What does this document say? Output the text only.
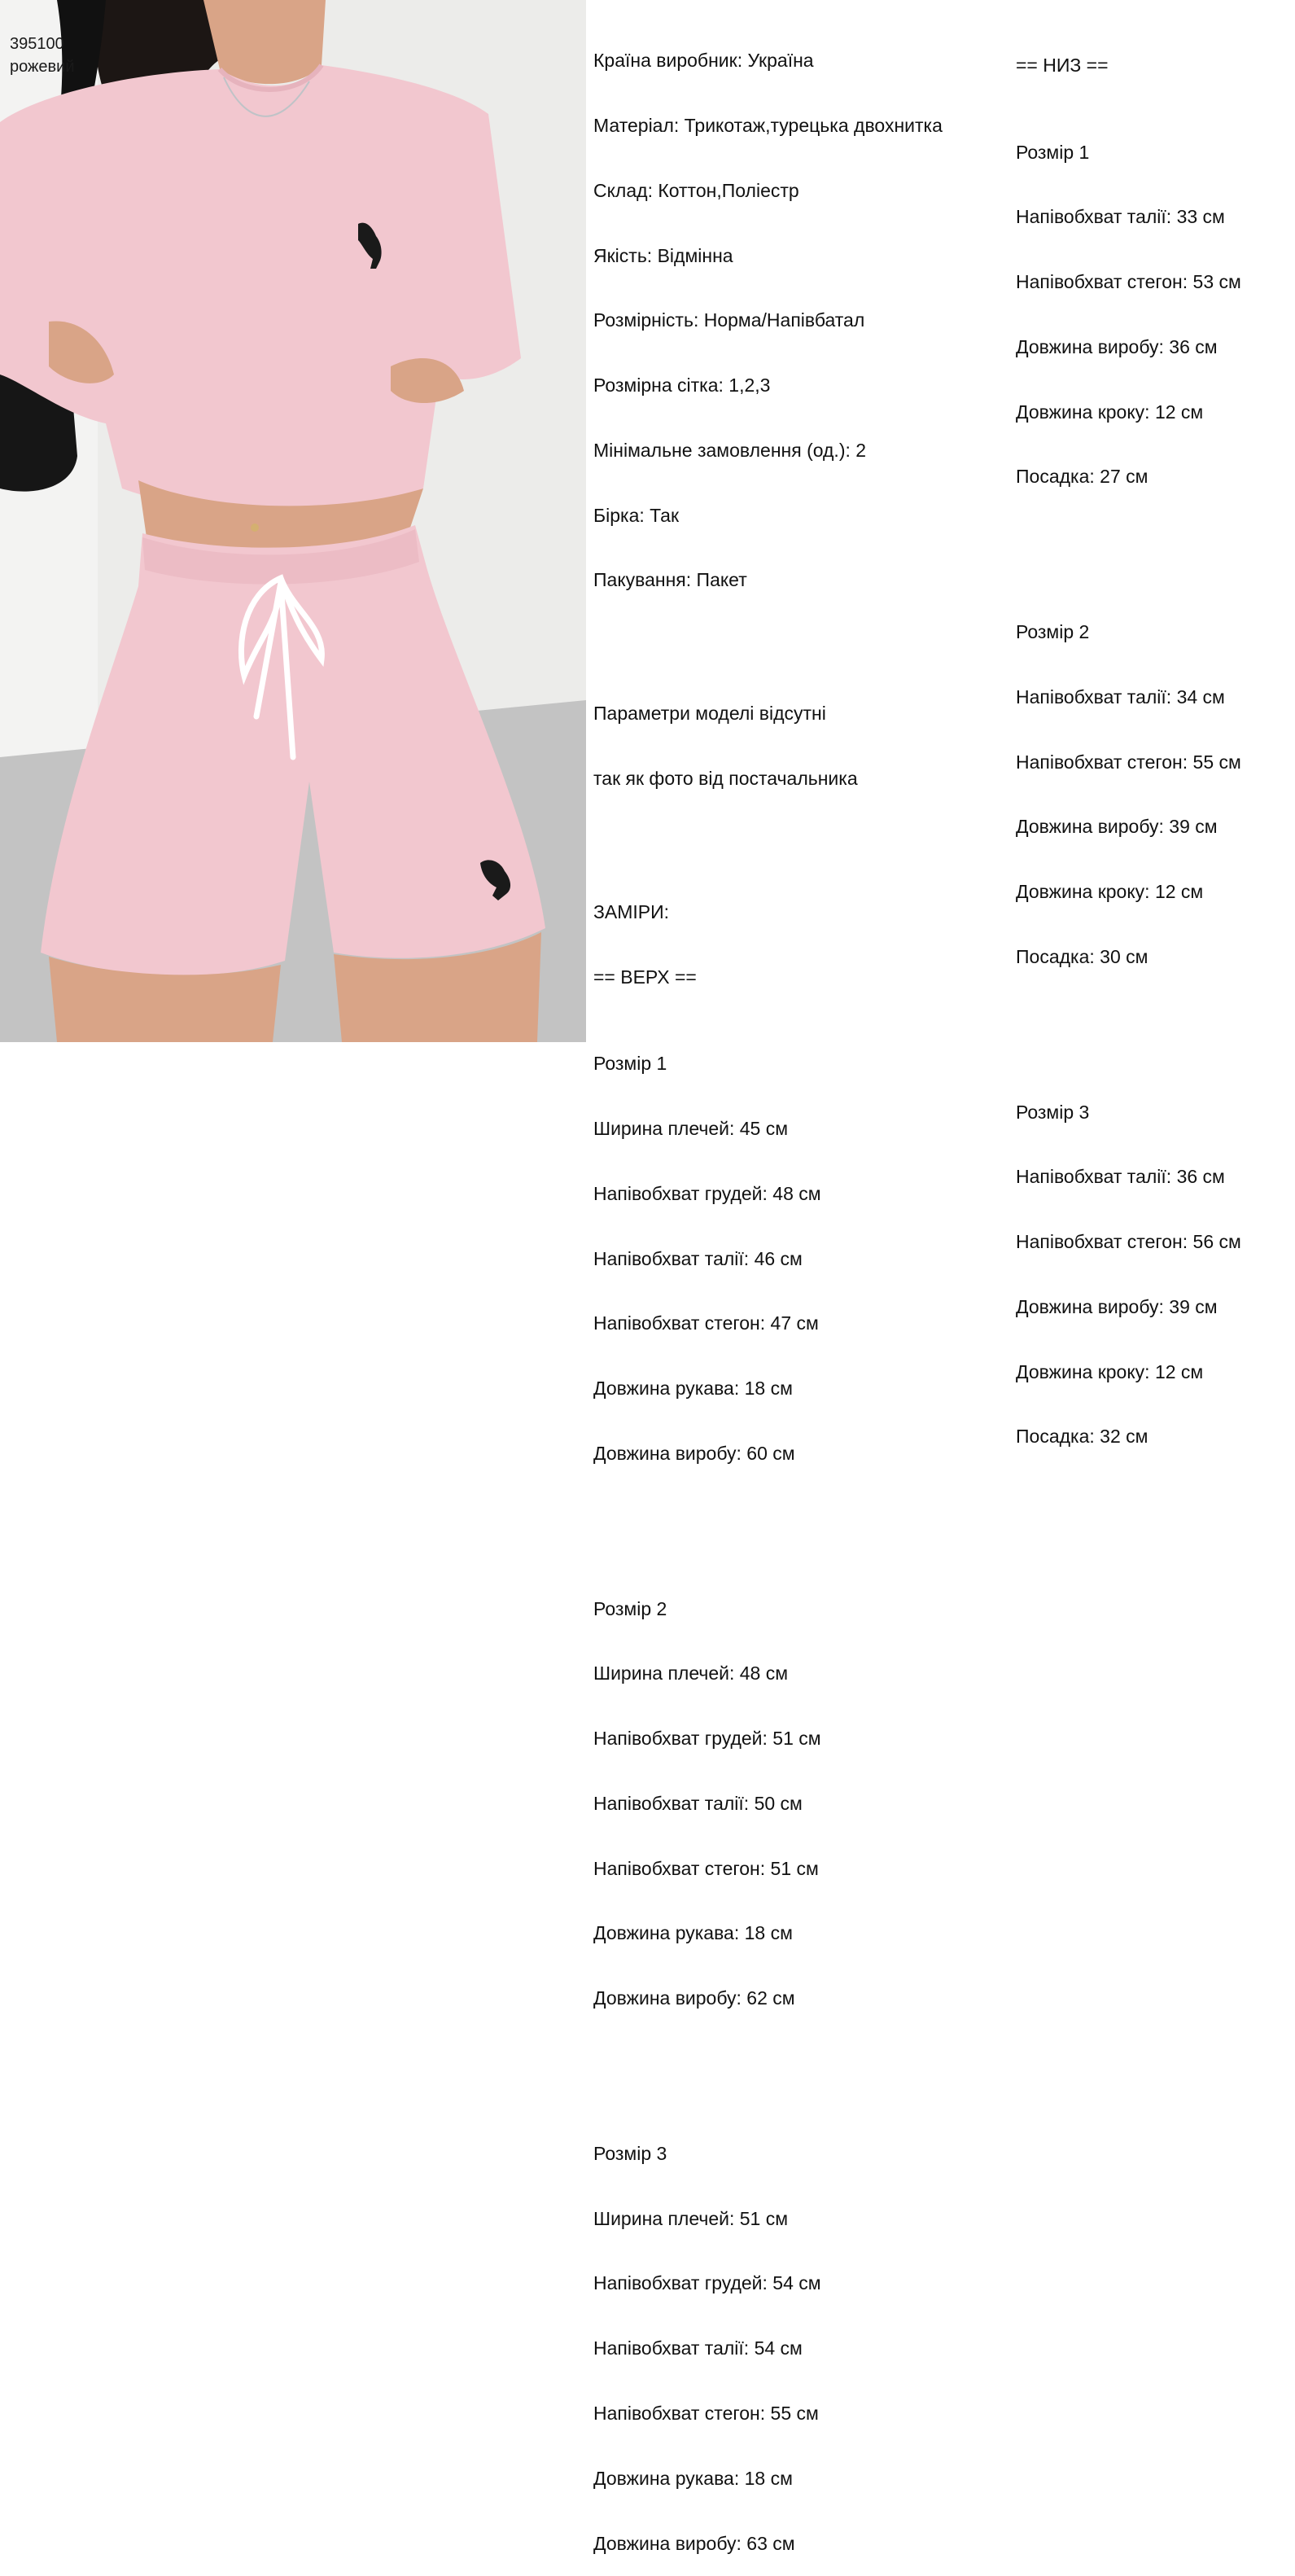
395100
рожевий

	Країна виробник: Україна

Матеріал: Трикотаж,турецька двохнитка

Склад: Коттон,Поліестр

Якість: Відмінна

Розмірність: Норма/Напівбатал

Розмірна сітка: 1,2,3

Мінімальне замовлення (од.): 2

Бірка: Так

Пакування: Пакет

Параметри моделі відсутні

так як фото від постачальника

ЗАМІРИ:

== ВЕРХ ==

Розмір 1

Ширина плечей: 45 см

Напівобхват грудей: 48 см

Напівобхват талії: 46 см

Напівобхват стегон: 47 см

Довжина рукава: 18 см

Довжина виробу: 60 см

Розмір 2

Ширина плечей: 48 см

Напівобхват грудей: 51 см

Напівобхват талії: 50 см

Напівобхват стегон: 51 см

Довжина рукава: 18 см

Довжина виробу: 62 см

Розмір 3

Ширина плечей: 51 см

Напівобхват грудей: 54 см

Напівобхват талії: 54 см

Напівобхват стегон: 55 см

Довжина рукава: 18 см

Довжина виробу: 63 см

== НИЗ ==

Розмір 1

Напівобхват талії: 33 см

Напівобхват стегон: 53 см

Довжина виробу: 36 см

Довжина кроку: 12 см

Посадка: 27 см

Розмір 2

Напівобхват талії: 34 см

Напівобхват стегон: 55 см

Довжина виробу: 39 см

Довжина кроку: 12 см

Посадка: 30 см

Розмір 3

Напівобхват талії: 36 см

Напівобхват стегон: 56 см

Довжина виробу: 39 см

Довжина кроку: 12 см

Посадка: 32 см
